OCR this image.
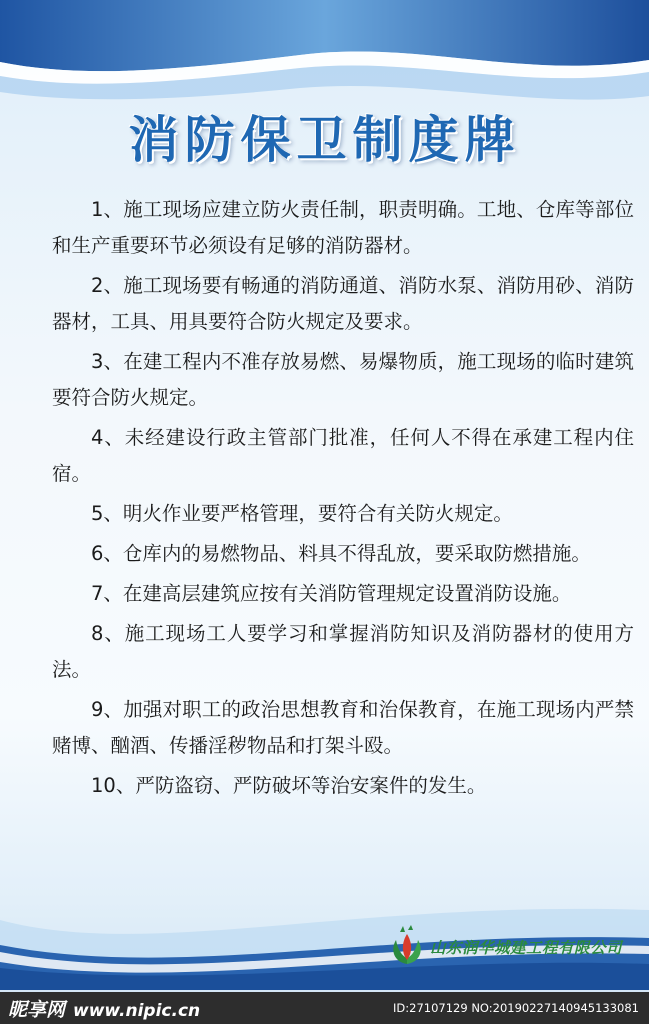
消防保卫制度牌
1、施工现场应建立防火责任制，职责明确。工地、仓库等部位和生产重要环节必须设有足够的消防器材。
2、施工现场要有畅通的消防通道、消防水泵、消防用砂、消防器材，工具、用具要符合防火规定及要求。
3、在建工程内不准存放易燃、易爆物质，施工现场的临时建筑要符合防火规定。
4、未经建设行政主管部门批准，任何人不得在承建工程内住宿。
5、明火作业要严格管理，要符合有关防火规定。
6、仓库内的易燃物品、料具不得乱放，要采取防燃措施。
7、在建高层建筑应按有关消防管理规定设置消防设施。
8、施工现场工人要学习和掌握消防知识及消防器材的使用方法。
9、加强对职工的政治思想教育和治保教育，在施工现场内严禁赌博、酗酒、传播淫秽物品和打架斗殴。
10、严防盗窃、严防破坏等治安案件的发生。
山东润华城建工程有限公司
昵享网 www.nipic.cn	ID:27107129 NO:20190227140945133081
